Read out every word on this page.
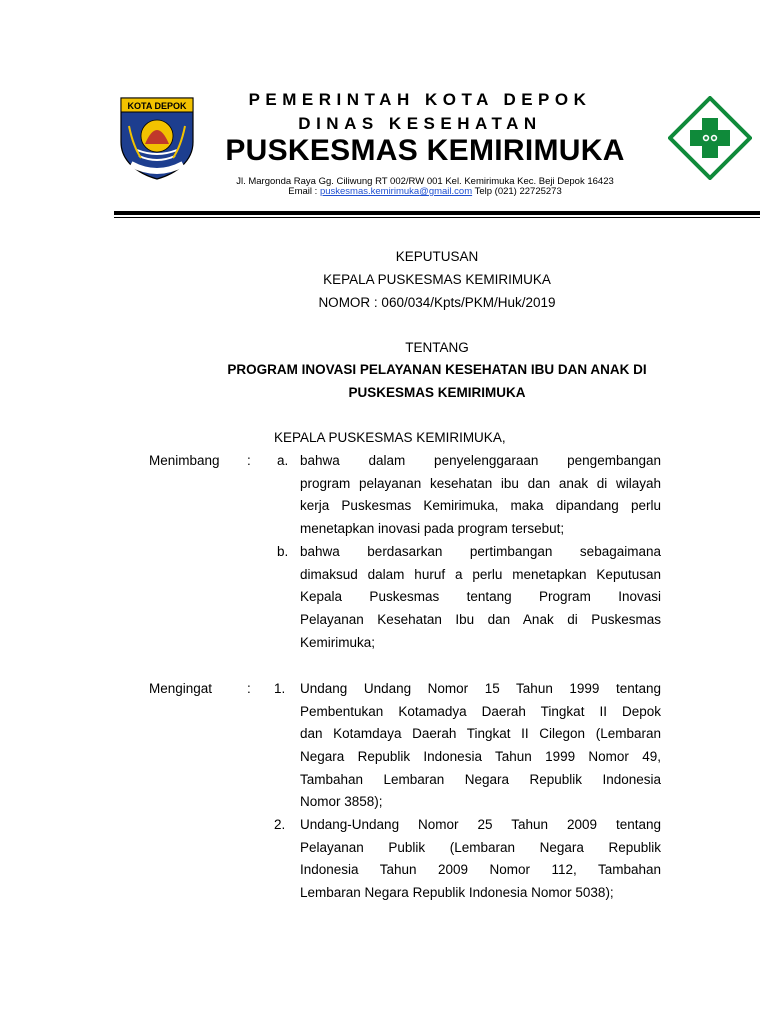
KOTA DEPOK	PEMERINTAH KOTA DEPOK
DINAS KESEHATAN
PUSKESMAS KEMIRIMUKA
Jl. Margonda Raya Gg. Ciliwung RT 002/RW 001 Kel. Kemirimuka Kec. Beji Depok 16423
Email : puskesmas.kemirimuka@gmail.com Telp (021) 22725273
KEPUTUSAN
KEPALA PUSKESMAS KEMIRIMUKA
NOMOR : 060/034/Kpts/PKM/Huk/2019
TENTANG
PROGRAM INOVASI PELAYANAN KESEHATAN IBU DAN ANAK DI
PUSKESMAS KEMIRIMUKA
KEPALA PUSKESMAS KEMIRIMUKA,
Menimbang : a. bahwa dalam penyelenggaraan pengembangan
program pelayanan kesehatan ibu dan anak di wilayah
kerja Puskesmas Kemirimuka, maka dipandang perlu
menetapkan inovasi pada program tersebut;
b. bahwa berdasarkan pertimbangan sebagaimana
dimaksud dalam huruf a perlu menetapkan Keputusan
Kepala Puskesmas tentang Program Inovasi
Pelayanan Kesehatan Ibu dan Anak di Puskesmas
Kemirimuka;
Mengingat	: 1. Undang Undang Nomor 15 Tahun 1999 tentang
Pembentukan Kotamadya Daerah Tingkat II Depok
dan Kotamdaya Daerah Tingkat II Cilegon (Lembaran
Negara Republik Indonesia Tahun 1999 Nomor 49,
Tambahan Lembaran Negara Republik Indonesia
Nomor 3858);
2. Undang-Undang Nomor 25 Tahun 2009 tentang
Pelayanan Publik (Lembaran Negara Republik
Indonesia Tahun 2009 Nomor 112, Tambahan
Lembaran Negara Republik Indonesia Nomor 5038);
